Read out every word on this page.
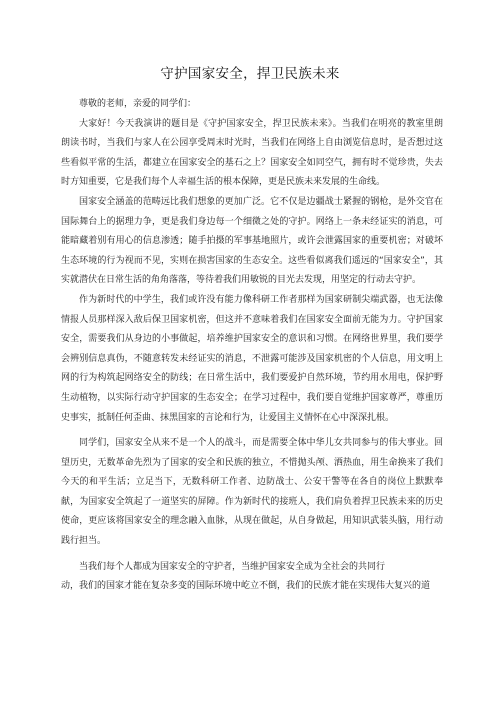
守护国家安全，捍卫民族未来

尊敬的老师，亲爱的同学们：

大家好！今天我演讲的题目是《守护国家安全，捍卫民族未来》。当我们在明亮的教室里朗朗读书时，当我们与家人在公园享受周末时光时，当我们在网络上自由浏览信息时，是否想过这些看似平常的生活，都建立在国家安全的基石之上？国家安全如同空气，拥有时不觉珍贵，失去时方知重要，它是我们每个人幸福生活的根本保障，更是民族未来发展的生命线。

国家安全涵盖的范畴远比我们想象的更加广泛。它不仅是边疆战士紧握的钢枪，是外交官在国际舞台上的据理力争，更是我们身边每一个细微之处的守护。网络上一条未经证实的消息，可能暗藏着别有用心的信息渗透；随手拍摄的军事基地照片，或许会泄露国家的重要机密；对破坏生态环境的行为视而不见，实则在损害国家的生态安全。这些看似离我们遥远的“国家安全”，其实就潜伏在日常生活的角角落落，等待着我们用敏锐的目光去发现，用坚定的行动去守护。

作为新时代的中学生，我们或许没有能力像科研工作者那样为国家研制尖端武器，也无法像情报人员那样深入敌后保卫国家机密，但这并不意味着我们在国家安全面前无能为力。守护国家安全，需要我们从身边的小事做起，培养维护国家安全的意识和习惯。在网络世界里，我们要学会辨别信息真伪，不随意转发未经证实的消息，不泄露可能涉及国家机密的个人信息，用文明上网的行为构筑起网络安全的防线；在日常生活中，我们要爱护自然环境，节约用水用电，保护野生动植物，以实际行动守护国家的生态安全；在学习过程中，我们要自觉维护国家尊严，尊重历史事实，抵制任何歪曲、抹黑国家的言论和行为，让爱国主义情怀在心中深深扎根。

同学们，国家安全从来不是一个人的战斗，而是需要全体中华儿女共同参与的伟大事业。回望历史，无数革命先烈为了国家的安全和民族的独立，不惜抛头颅、洒热血，用生命换来了我们今天的和平生活；立足当下，无数科研工作者、边防战士、公安干警等在各自的岗位上默默奉献，为国家安全筑起了一道坚实的屏障。作为新时代的接班人，我们肩负着捍卫民族未来的历史使命，更应该将国家安全的理念融入血脉，从现在做起，从自身做起，用知识武装头脑，用行动践行担当。

当我们每个人都成为国家安全的守护者，当维护国家安全成为全社会的共同行

动，我们的国家才能在复杂多变的国际环境中屹立不倒，我们的民族才能在实现伟大复兴的道
